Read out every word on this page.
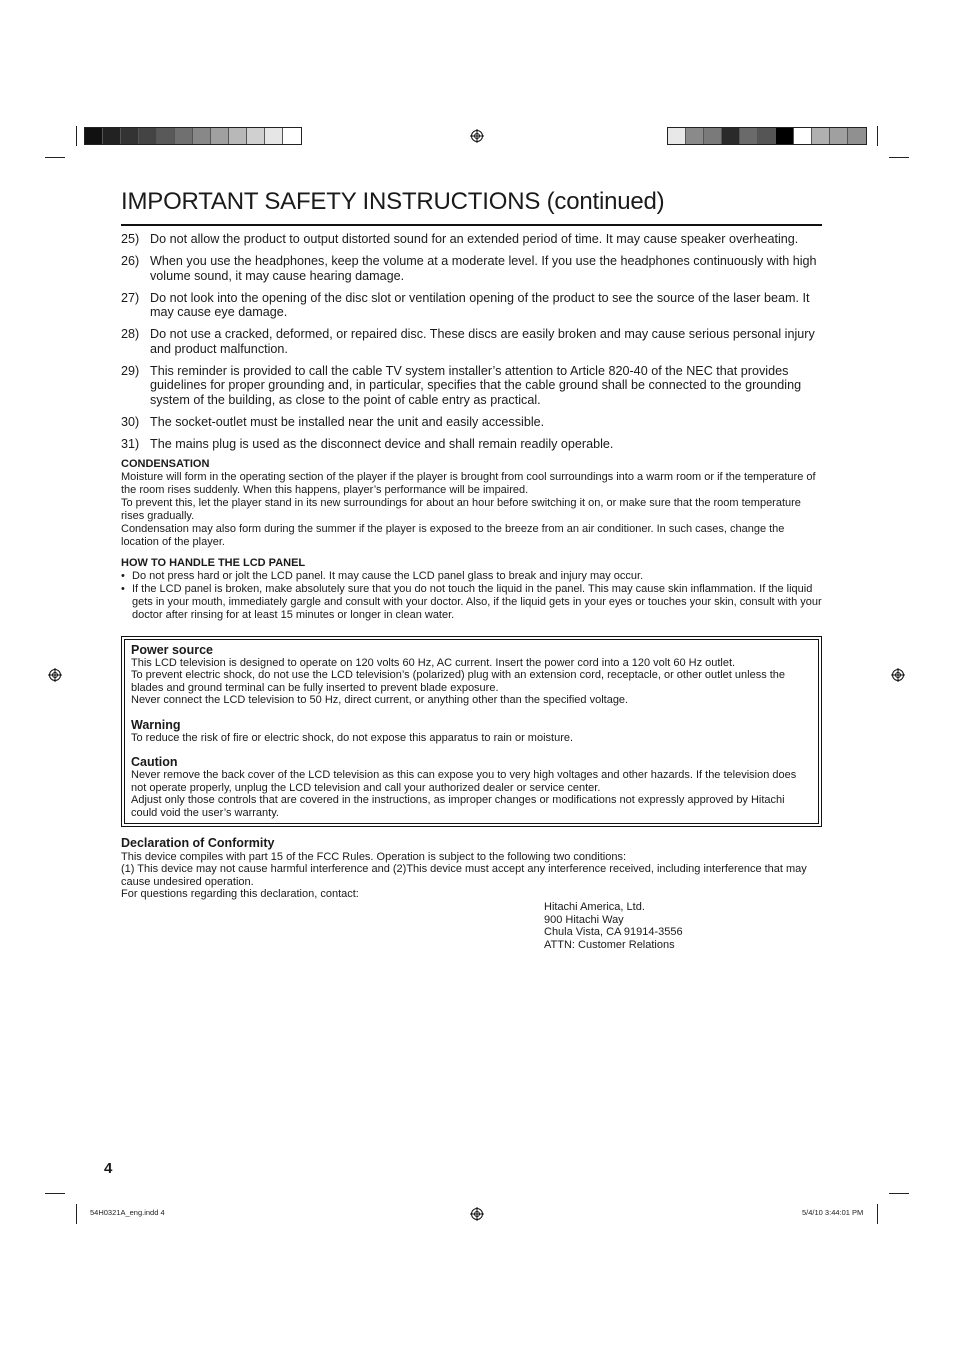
IMPORTANT SAFETY INSTRUCTIONS (continued)
25) Do not allow the product to output distorted sound for an extended period of time. It may cause speaker overheating.
26) When you use the headphones, keep the volume at a moderate level. If you use the headphones continuously with high volume sound, it may cause hearing damage.
27) Do not look into the opening of the disc slot or ventilation opening of the product to see the source of the laser beam. It may cause eye damage.
28) Do not use a cracked, deformed, or repaired disc. These discs are easily broken and may cause serious personal injury and product malfunction.
29) This reminder is provided to call the cable TV system installer’s attention to Article 820-40 of the NEC that provides guidelines for proper grounding and, in particular, specifies that the cable ground shall be connected to the grounding system of the building, as close to the point of cable entry as practical.
30) The socket-outlet must be installed near the unit and easily accessible.
31) The mains plug is used as the disconnect device and shall remain readily operable.
CONDENSATION
Moisture will form in the operating section of the player if the player is brought from cool surroundings into a warm room or if the temperature of the room rises suddenly. When this happens, player’s performance will be impaired.
To prevent this, let the player stand in its new surroundings for about an hour before switching it on, or make sure that the room temperature rises gradually.
Condensation may also form during the summer if the player is exposed to the breeze from an air conditioner. In such cases, change the location of the player.
HOW TO HANDLE THE LCD PANEL
• Do not press hard or jolt the LCD panel. It may cause the LCD panel glass to break and injury may occur.
• If the LCD panel is broken, make absolutely sure that you do not touch the liquid in the panel. This may cause skin inflammation. If the liquid gets in your mouth, immediately gargle and consult with your doctor. Also, if the liquid gets in your eyes or touches your skin, consult with your doctor after rinsing for at least 15 minutes or longer in clean water.
Power source
This LCD television is designed to operate on 120 volts 60 Hz, AC current. Insert the power cord into a 120 volt 60 Hz outlet.
To prevent electric shock, do not use the LCD television’s (polarized) plug with an extension cord, receptacle, or other outlet unless the blades and ground terminal can be fully inserted to prevent blade exposure.
Never connect the LCD television to 50 Hz, direct current, or anything other than the specified voltage.
Warning
To reduce the risk of fire or electric shock, do not expose this apparatus to rain or moisture.
Caution
Never remove the back cover of the LCD television as this can expose you to very high voltages and other hazards. If the television does not operate properly, unplug the LCD television and call your authorized dealer or service center.
Adjust only those controls that are covered in the instructions, as improper changes or modifications not expressly approved by Hitachi could void the user’s warranty.
Declaration of Conformity
This device compiles with part 15 of the FCC Rules. Operation is subject to the following two conditions:
(1) This device may not cause harmful interference and (2)This device must accept any interference received, including interference that may cause undesired operation.
For questions regarding this declaration, contact:
Hitachi America, Ltd.
900 Hitachi Way
Chula Vista, CA 91914-3556
ATTN: Customer Relations
4
54H0321A_eng.indd 4	5/4/10 3:44:01 PM
